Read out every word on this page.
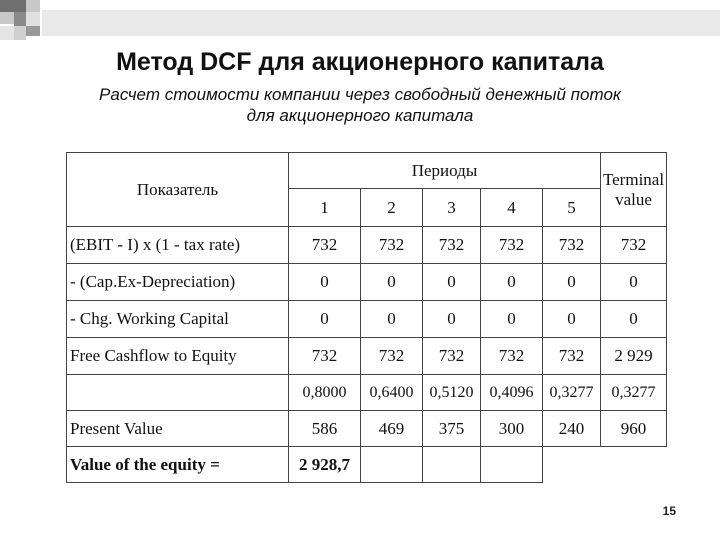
Метод DCF для акционерного капитала
Расчет стоимости компании через свободный денежный поток
для акционерного капитала
Показатель	Периоды					Terminal value
	1	2	3	4	5	
(EBIT - I) x (1 - tax rate)	732	732	732	732	732	732
- (Cap.Ex-Depreciation)	0	0	0	0	0	0
- Chg. Working Capital	0	0	0	0	0	0
Free Cashflow to Equity	732	732	732	732	732	2 929
	0,8000	0,6400	0,5120	0,4096	0,3277	0,3277
Present Value	586	469	375	300	240	960
Value of the equity =	2 928,7					
15
